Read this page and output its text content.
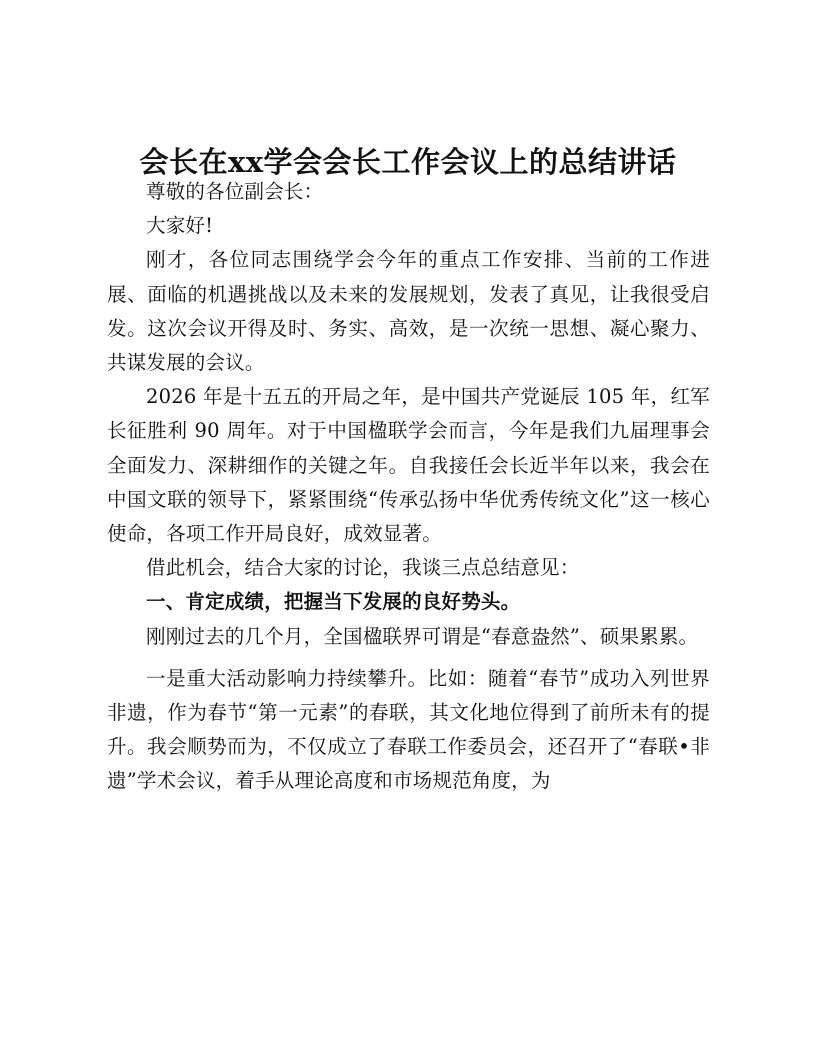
会长在xx学会会长工作会议上的总结讲话

尊敬的各位副会长：

大家好!

刚才，各位同志围绕学会今年的重点工作安排、当前的工作进展、面临的机遇挑战以及未来的发展规划，发表了真见，让我很受启发。这次会议开得及时、务实、高效，是一次统一思想、凝心聚力、共谋发展的会议。

2026 年是十五五的开局之年，是中国共产党诞辰 105 年，红军长征胜利 90 周年。对于中国楹联学会而言，今年是我们九届理事会全面发力、深耕细作的关键之年。自我接任会长近半年以来，我会在中国文联的领导下，紧紧围绕“传承弘扬中华优秀传统文化”这一核心使命，各项工作开局良好，成效显著。

借此机会，结合大家的讨论，我谈三点总结意见：

一、肯定成绩，把握当下发展的良好势头。

刚刚过去的几个月，全国楹联界可谓是“春意盎然”、硕果累累。

一是重大活动影响力持续攀升。比如：随着“春节”成功入列世界非遗，作为春节“第一元素”的春联，其文化地位得到了前所未有的提升。我会顺势而为，不仅成立了春联工作委员会，还召开了“春联•非遗”学术会议，着手从理论高度和市场规范角度，为
